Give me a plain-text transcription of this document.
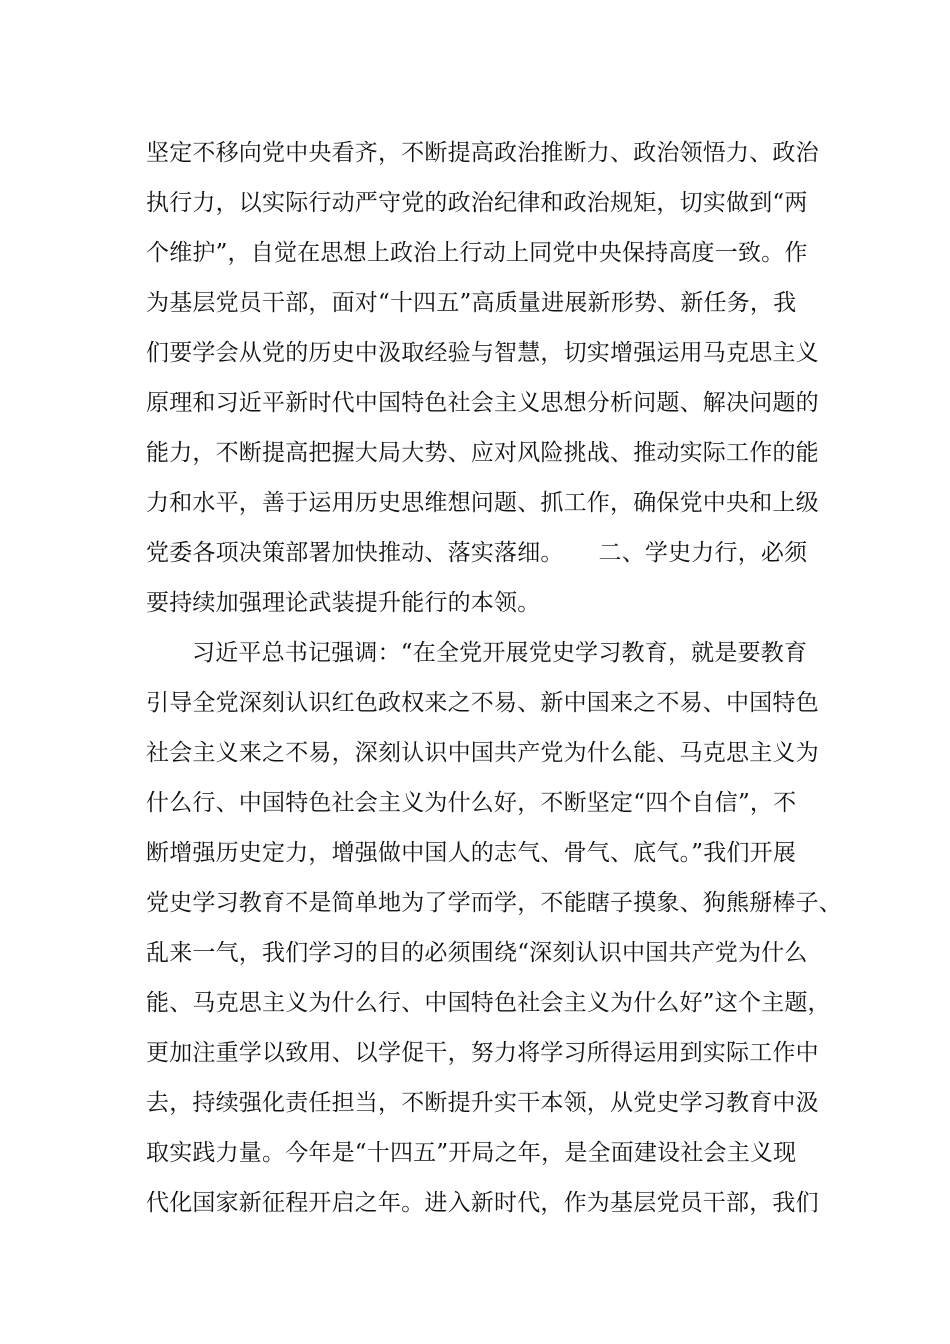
坚定不移向党中央看齐，不断提高政治推断力、政治领悟力、政治
执行力，以实际行动严守党的政治纪律和政治规矩，切实做到“两
个维护”，自觉在思想上政治上行动上同党中央保持高度一致。作
为基层党员干部，面对“十四五”高质量进展新形势、新任务，我
们要学会从党的历史中汲取经验与智慧，切实增强运用马克思主义
原理和习近平新时代中国特色社会主义思想分析问题、解决问题的
能力，不断提高把握大局大势、应对风险挑战、推动实际工作的能
力和水平，善于运用历史思维想问题、抓工作，确保党中央和上级
党委各项决策部署加快推动、落实落细。　　二、学史力行，必须
要持续加强理论武装提升能行的本领。
习近平总书记强调：“在全党开展党史学习教育，就是要教育
引导全党深刻认识红色政权来之不易、新中国来之不易、中国特色
社会主义来之不易，深刻认识中国共产党为什么能、马克思主义为
什么行、中国特色社会主义为什么好，不断坚定“四个自信”，不
断增强历史定力，增强做中国人的志气、骨气、底气。”我们开展
党史学习教育不是简单地为了学而学，不能瞎子摸象、狗熊掰棒子、
乱来一气，我们学习的目的必须围绕“深刻认识中国共产党为什么
能、马克思主义为什么行、中国特色社会主义为什么好”这个主题，
更加注重学以致用、以学促干，努力将学习所得运用到实际工作中
去，持续强化责任担当，不断提升实干本领，从党史学习教育中汲
取实践力量。今年是“十四五”开局之年，是全面建设社会主义现
代化国家新征程开启之年。进入新时代，作为基层党员干部，我们
